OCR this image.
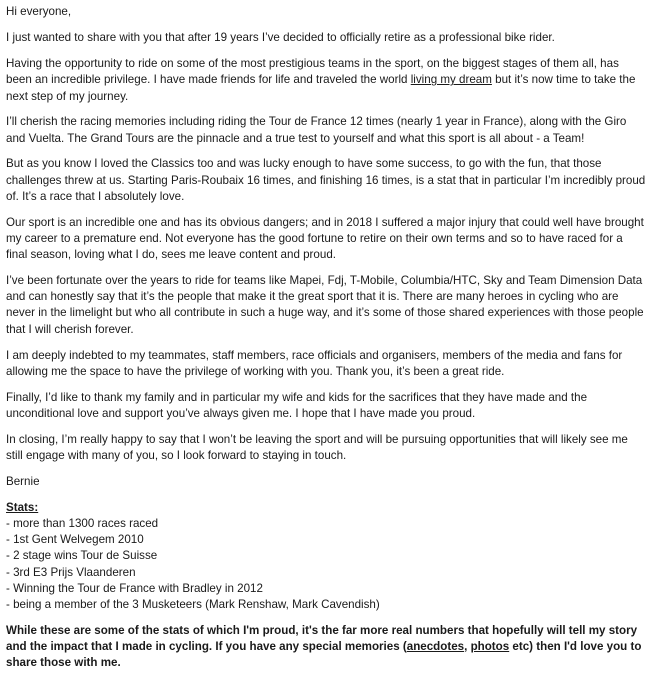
Hi everyone,

I just wanted to share with you that after 19 years I’ve decided to officially retire as a professional bike rider.

Having the opportunity to ride on some of the most prestigious teams in the sport, on the biggest stages of them all, has been an incredible privilege. I have made friends for life and traveled the world living my dream but it’s now time to take the next step of my journey.

I’ll cherish the racing memories including riding the Tour de France 12 times (nearly 1 year in France), along with the Giro and Vuelta. The Grand Tours are the pinnacle and a true test to yourself and what this sport is all about - a Team!

But as you know I loved the Classics too and was lucky enough to have some success, to go with the fun, that those challenges threw at us. Starting Paris-Roubaix 16 times, and finishing 16 times, is a stat that in particular I’m incredibly proud of. It’s a race that I absolutely love.

Our sport is an incredible one and has its obvious dangers; and in 2018 I suffered a major injury that could well have brought my career to a premature end. Not everyone has the good fortune to retire on their own terms and so to have raced for a final season, loving what I do, sees me leave content and proud.

I’ve been fortunate over the years to ride for teams like Mapei, Fdj, T-Mobile, Columbia/HTC, Sky and Team Dimension Data and can honestly say that it’s the people that make it the great sport that it is. There are many heroes in cycling who are never in the limelight but who all contribute in such a huge way, and it’s some of those shared experiences with those people that I will cherish forever.

I am deeply indebted to my teammates, staff members, race officials and organisers, members of the media and fans for allowing me the space to have the privilege of working with you. Thank you, it’s been a great ride.

Finally, I’d like to thank my family and in particular my wife and kids for the sacrifices that they have made and the unconditional love and support you’ve always given me. I hope that I have made you proud.

In closing, I’m really happy to say that I won’t be leaving the sport and will be pursuing opportunities that will likely see me still engage with many of you, so I look forward to staying in touch.

Bernie

Stats:
- more than 1300 races raced
- 1st Gent Welvegem 2010
- 2 stage wins Tour de Suisse
- 3rd E3 Prijs Vlaanderen
- Winning the Tour de France with Bradley in 2012
- being a member of the 3 Musketeers (Mark Renshaw, Mark Cavendish)

While these are some of the stats of which I'm proud, it's the far more real numbers that hopefully will tell my story and the impact that I made in cycling. If you have any special memories (anecdotes, photos etc) then I'd love you to share those with me.
